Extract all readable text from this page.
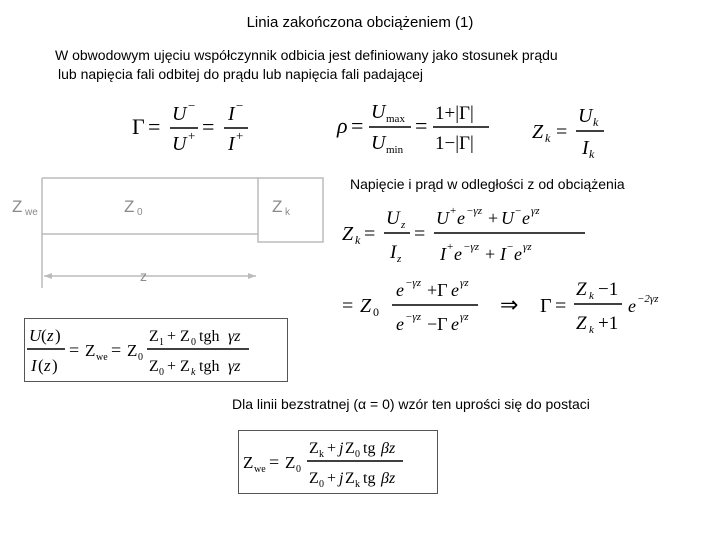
Linia zakończona obciążeniem (1)
W obwodowym ujęciu współczynnik odbicia jest definiowany jako stosunek prądu
lub napięcia fali odbitej do prądu lub napięcia fali padającej
Γ = U −
U + = I −
I +	ρ =
U max
U min
= 1+|Γ|
1−|Γ|
Z k =
U k
I k
Z we	Z 0	Z k
z
Napięcie i prąd w odległości z od obciążenia
Z k =
U z
I z
=
U + e −γz + U − e γz
I + e −γz + I − e γz
= Z 0
e −γz +Γ e γz
e −γz −Γ e γz ⇒ Γ =
Z k −1
Z k +1
e −2γz
U ( z )
I ( z )
= Z we = Z 0
Z 1 + Z 0 tgh γz
Z 0 + Z k tgh γz
Dla linii bezstratnej (α = 0) wzór ten uprości się do postaci
Z we = Z 0
Z k + j Z 0 tg βz
Z 0 + j Z k tg βz
